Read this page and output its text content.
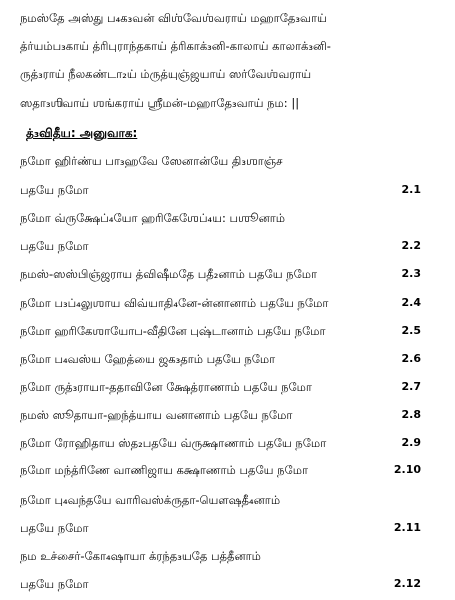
நமஸ்தே அஸ்து ப₄க₃வன் விஶ்வேஶ்வராய் மஹாதே₃வாய்
த்ர்யம்ப₃காய் த்ரிபுராந்தகாய் த்ரிகாக்₃னி-காலாய் காலாக்₃னி-
ருத்₃ராய் நீலகண்டா₂ய் ம்ருத்யுஞ்ஜயாய் ஸர்வேஶ்வராய்
ஸதா₃ஶிவாய் ஶங்கராய் ஶ்ரீமன்-மஹாதே₃வாய் நம: ||
த்₃விதீய: அனுவாக:
நமோ ஹிர்ண்ய பா₃ஹவே ஸேனான்யே தி₃ஶாஞ்ச
பதயே நமோ	2.1
நமோ வ்ருக்ஷேப்₄யோ ஹரிகேஶேப்₄ய: பஶூனாம்
பதயே நமோ	2.2
நமஸ்-ஸஸ்பிஞ்ஜராய த்விஷீமதே பதீ₂னாம் பதயே நமோ	2.3
நமோ ப₃ப்₄லுஶாய விவ்யாதி₄னே-ன்னானாம் பதயே நமோ	2.4
நமோ ஹரிகேஶாயோப-வீதினே புஷ்டானாம் பதயே நமோ	2.5
நமோ ப₄வஸ்ய ஹேத்யை ஜக₃தாம் பதயே நமோ	2.6
நமோ ருத்₃ராயா-ததாவினே க்ஷேத்ராணாம் பதயே நமோ	2.7
நமஸ் ஸூதாயா-ஹந்த்யாய வனானாம் பதயே நமோ	2.8
நமோ ரோஹிதாய ஸ்த₂பதயே வ்ருக்ஷாணாம் பதயே நமோ	2.9
நமோ மந்த்ரிணே வாணிஜாய கக்ஷாணாம் பதயே நமோ	2.10
நமோ பு₄வந்தயே வாரிவஸ்க்ருதா-யௌஷதீ₄னாம்
பதயே நமோ	2.11
நம உச்சைர்-கோ₄ஷாயா க்ரந்த₃யதே பத்தீனாம்
பதயே நமோ	2.12
